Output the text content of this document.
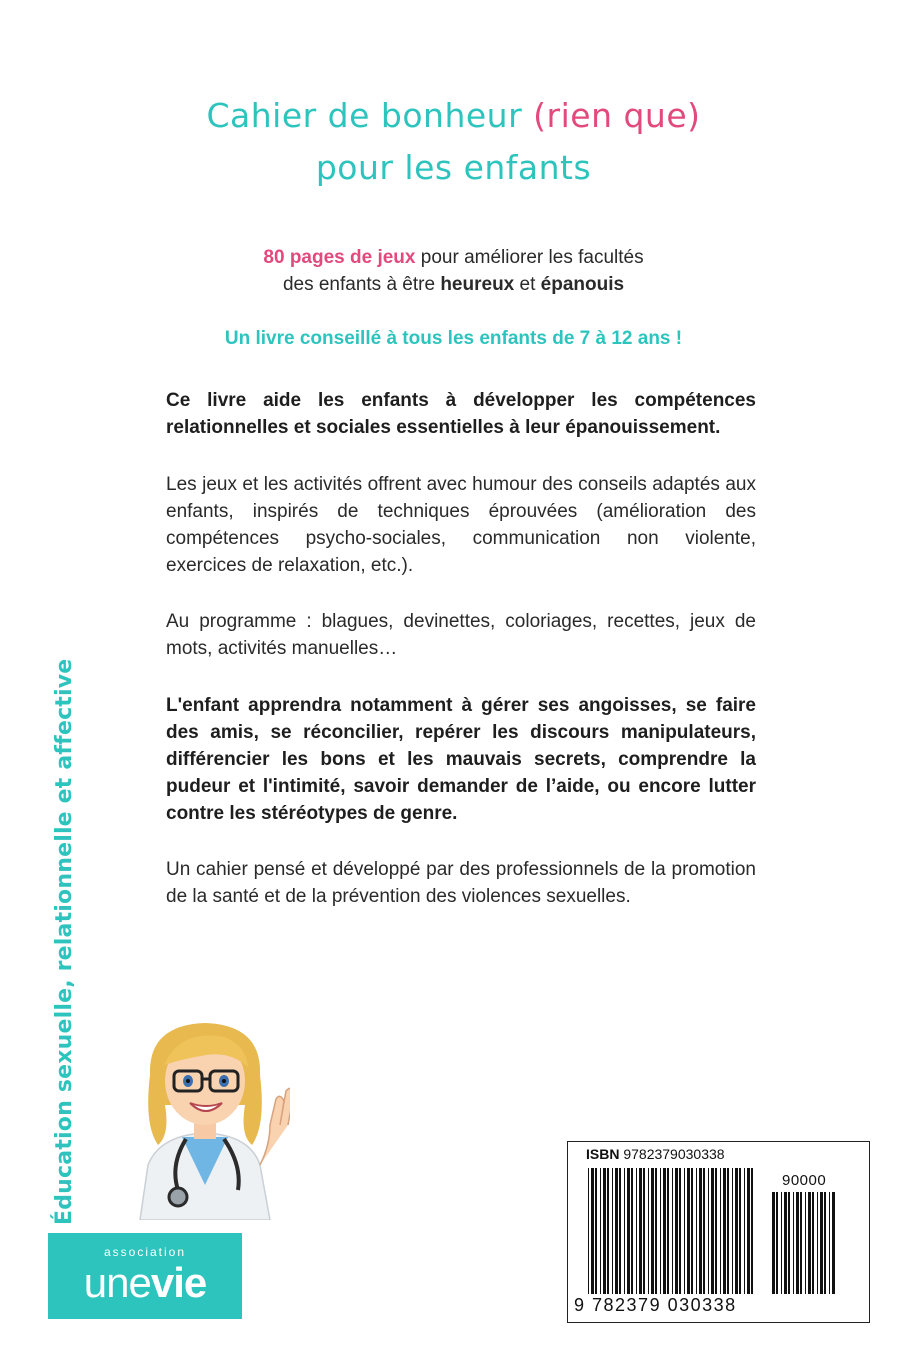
Cahier de bonheur (rien que)
pour les enfants
80 pages de jeux pour améliorer les facultés
des enfants à être heureux et épanouis
Un livre conseillé à tous les enfants de 7 à 12 ans !
Ce livre aide les enfants à développer les compétences relationnelles et sociales essentielles à leur épanouissement.
Les jeux et les activités offrent avec humour des conseils adaptés aux enfants, inspirés de techniques éprouvées (amélioration des compétences psycho-sociales, communication non violente, exercices de relaxation, etc.).
Au programme : blagues, devinettes, coloriages, recettes, jeux de mots, activités manuelles…
L'enfant apprendra notamment à gérer ses angoisses, se faire des amis, se réconcilier, repérer les discours manipulateurs, différencier les bons et les mauvais secrets, comprendre la pudeur et l'intimité, savoir demander de l’aide, ou encore lutter contre les stéréotypes de genre.
Un cahier pensé et développé par des professionnels de la promotion de la santé et de la prévention des violences sexuelles.
Éducation sexuelle, relationnelle et affective
association
unevie
ISBN 9782379030338
90000
9 782379 030338
